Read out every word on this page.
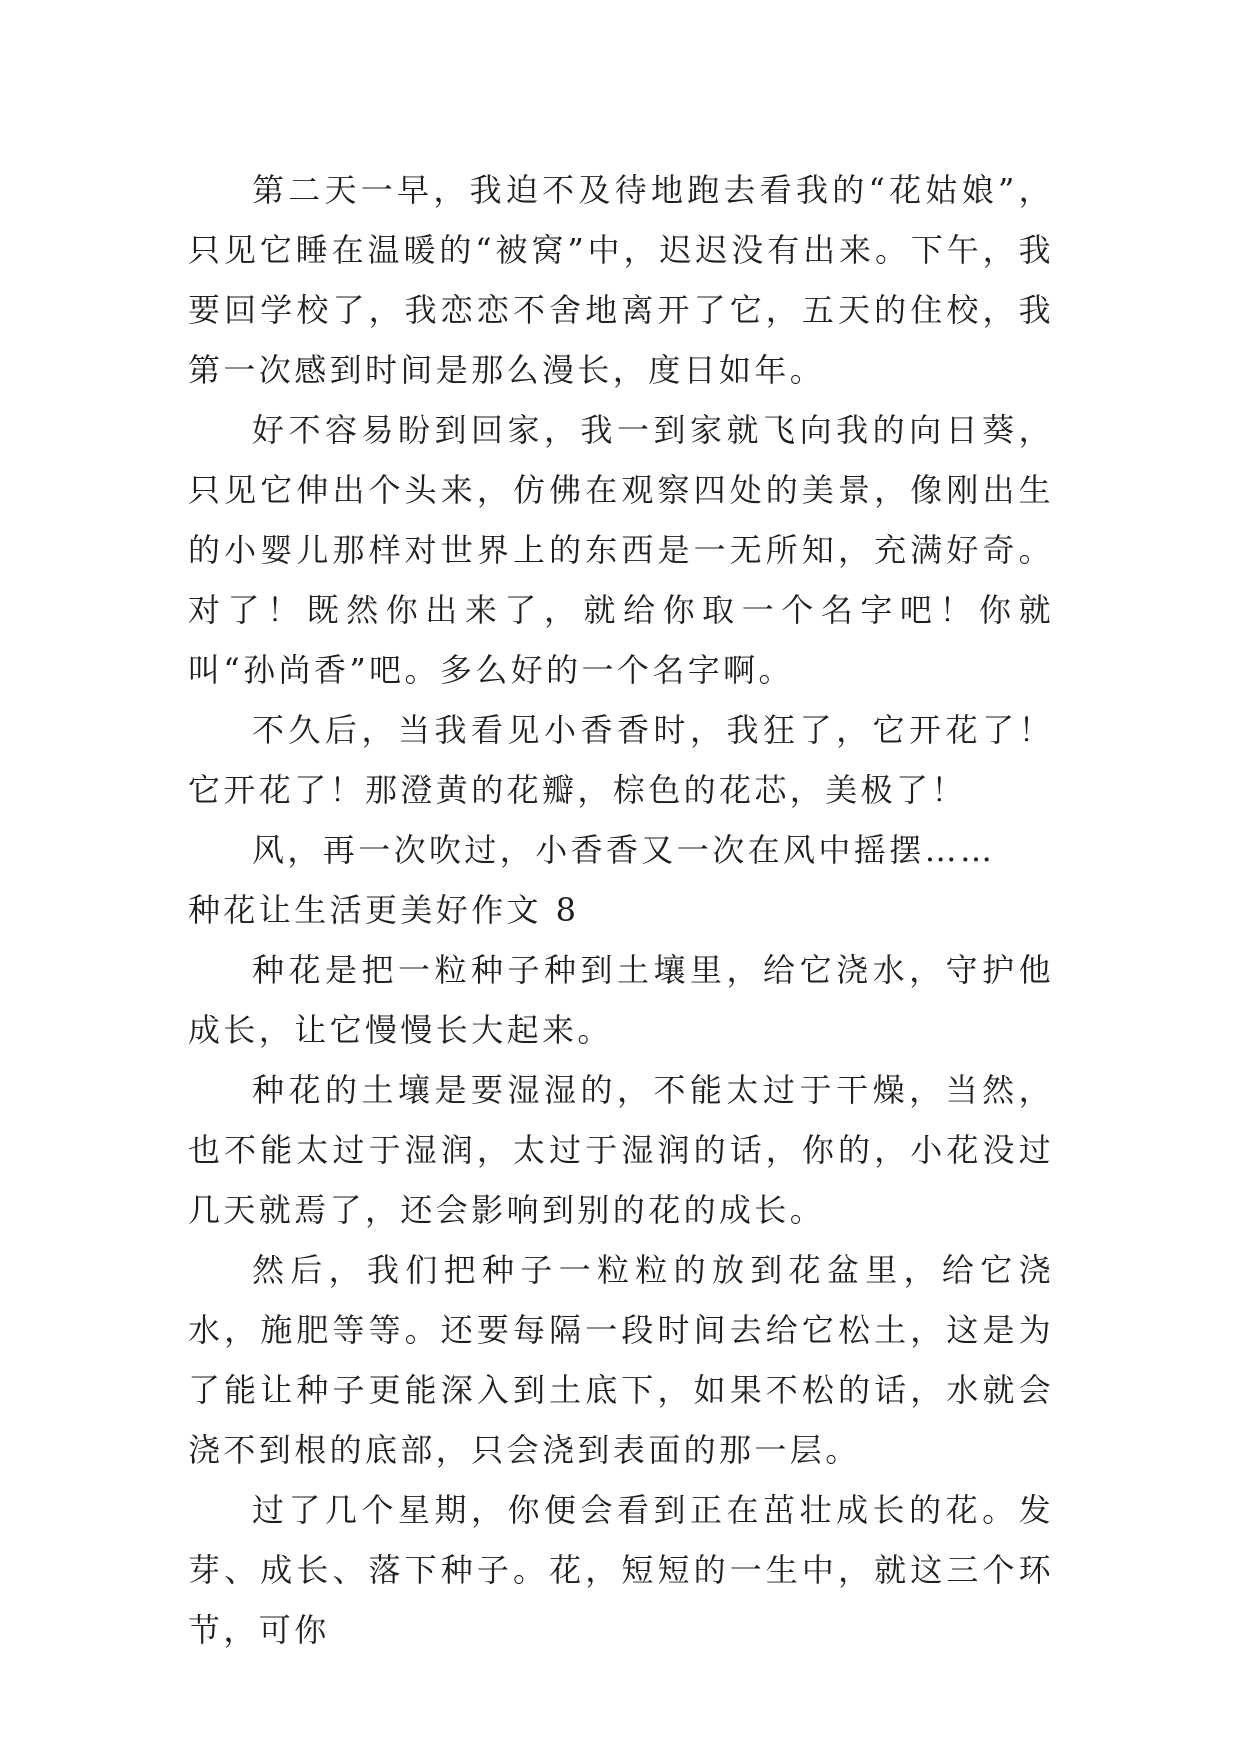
第二天一早，我迫不及待地跑去看我的“花姑娘”，只见它睡在温暖的“被窝”中，迟迟没有出来。下午，我要回学校了，我恋恋不舍地离开了它，五天的住校，我第一次感到时间是那么漫长，度日如年。

好不容易盼到回家，我一到家就飞向我的向日葵，只见它伸出个头来，仿佛在观察四处的美景，像刚出生的小婴儿那样对世界上的东西是一无所知，充满好奇。对了！既然你出来了，就给你取一个名字吧！你就叫“孙尚香”吧。多么好的一个名字啊。

不久后，当我看见小香香时，我狂了，它开花了！它开花了！那澄黄的花瓣，棕色的花芯，美极了！

风，再一次吹过，小香香又一次在风中摇摆……

种花让生活更美好作文 8

种花是把一粒种子种到土壤里，给它浇水，守护他成长，让它慢慢长大起来。

种花的土壤是要湿湿的，不能太过于干燥，当然，也不能太过于湿润，太过于湿润的话，你的，小花没过几天就焉了，还会影响到别的花的成长。

然后，我们把种子一粒粒的放到花盆里，给它浇水，施肥等等。还要每隔一段时间去给它松土，这是为了能让种子更能深入到土底下，如果不松的话，水就会浇不到根的底部，只会浇到表面的那一层。

过了几个星期，你便会看到正在茁壮成长的花。发芽、成长、落下种子。花，短短的一生中，就这三个环节，可你
